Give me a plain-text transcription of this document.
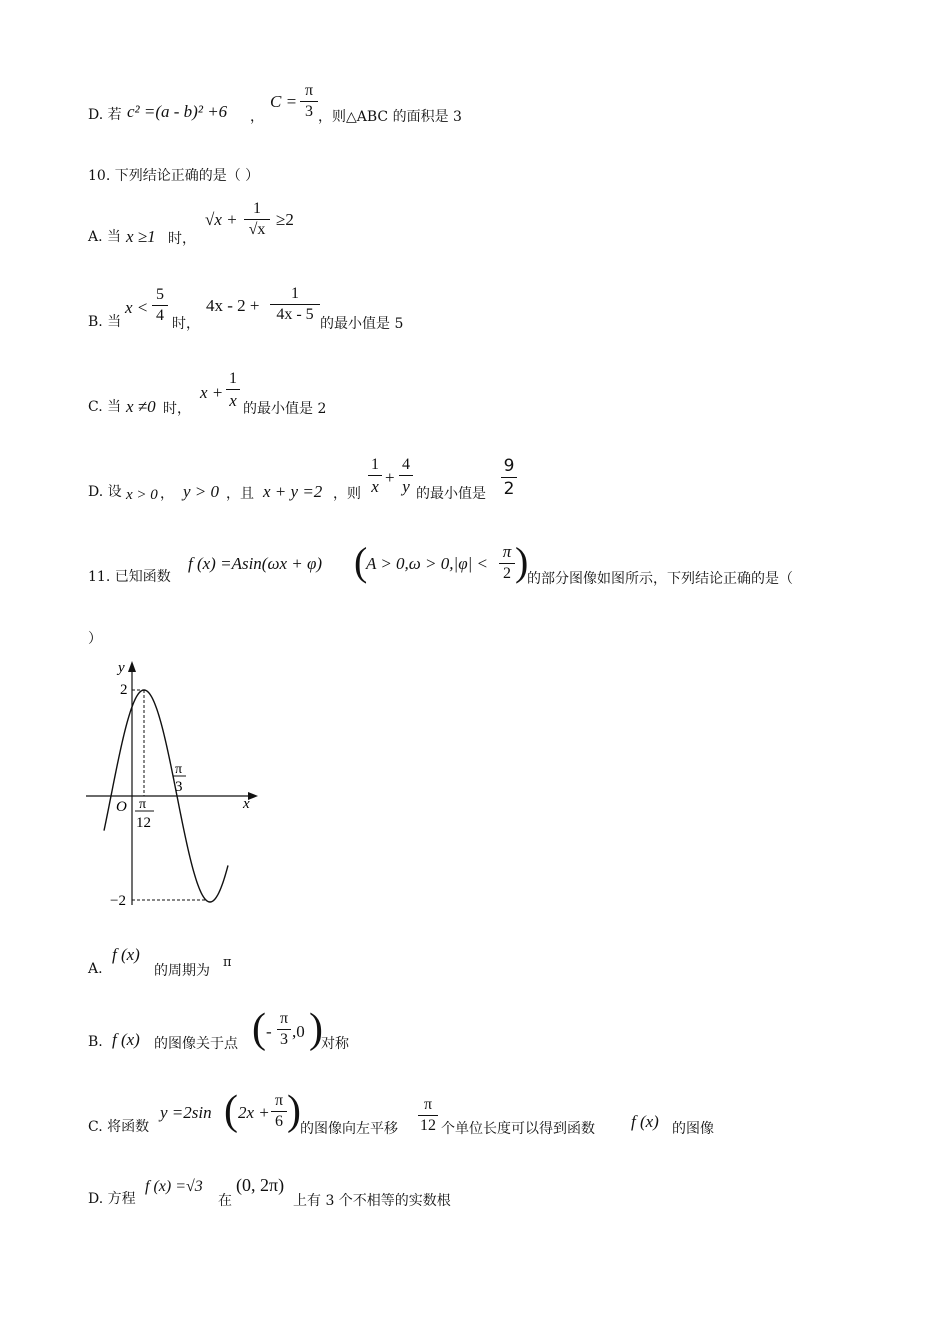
D. 若 c² =(a - b)² +6 ，
C =
π
3 ，则△ABC 的面积是 3
10. 下列结论正确的是（ ）
A. 当 x ≥1 时，
√x +
1
√x
≥2
B. 当
x <
5
4 时，
4x - 2 +
1
4x - 5
的最小值是 5
C. 当 x ≠0 时，
x +
1
x 的最小值是 2
D. 设 x > 0 ， y > 0 ，且 x + y =2 ，则
1
x +
4
y 的最小值是
9
2
11. 已知函数
f (x) =Asin(ωx + φ) (
A > 0,ω > 0,|φ| <
π
2 )
的部分图像如图所示，下列结论正确的是（
）
y
x
O
2
−2
π
12
π
3
A.
f (x)
的周期为
π
B. f (x) 的图像关于点 ( -
π
3 ,0 )
对称
C. 将函数
y =2sin ( 2x +
π
6 ) 的图像向左平移
π
12 个单位长度可以得到函数 f (x) 的图像
D. 方程
f (x) =√3
在
(0, 2π)
上有 3 个不相等的实数根
